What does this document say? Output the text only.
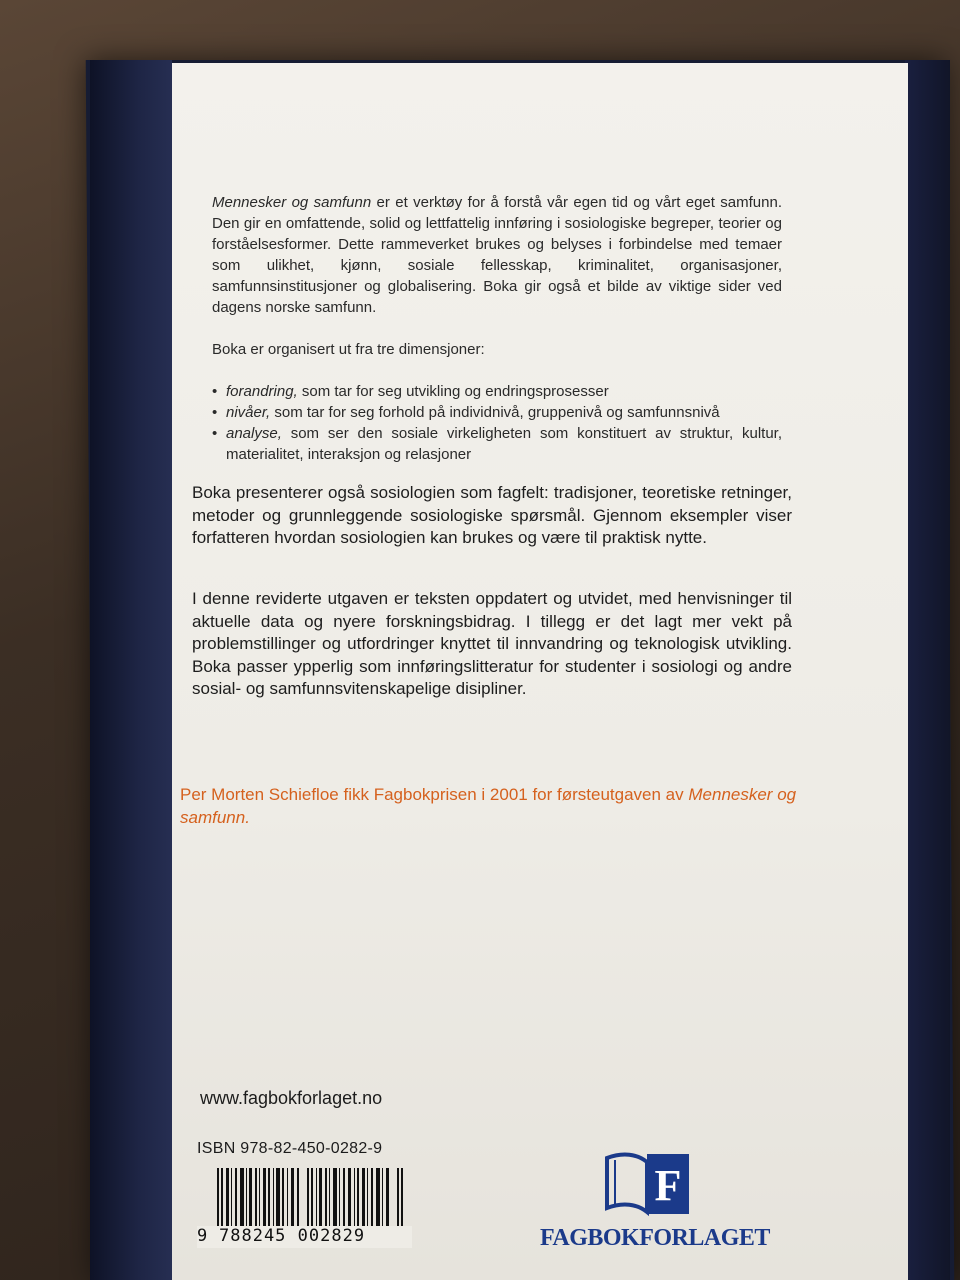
Mennesker og samfunn er et verktøy for å forstå vår egen tid og vårt eget samfunn. Den gir en omfattende, solid og lettfattelig innføring i sosiologiske begreper, teorier og forståelsesformer. Dette rammeverket brukes og belyses i forbindelse med temaer som ulikhet, kjønn, sosiale fellesskap, kriminalitet, organisasjoner, samfunnsinstitusjoner og globalisering. Boka gir også et bilde av viktige sider ved dagens norske samfunn.

Boka er organisert ut fra tre dimensjoner:

• forandring, som tar for seg utvikling og endringsprosesser
• nivåer, som tar for seg forhold på individnivå, gruppenivå og samfunnsnivå
• analyse, som ser den sosiale virkeligheten som konstituert av struktur, kultur, materialitet, interaksjon og relasjoner

Boka presenterer også sosiologien som fagfelt: tradisjoner, teoretiske retninger, metoder og grunnleggende sosiologiske spørsmål. Gjennom eksempler viser forfatteren hvordan sosiologien kan brukes og være til praktisk nytte.

I denne reviderte utgaven er teksten oppdatert og utvidet, med henvisninger til aktuelle data og nyere forskningsbidrag. I tillegg er det lagt mer vekt på problemstillinger og utfordringer knyttet til innvandring og teknologisk utvikling. Boka passer ypperlig som innføringslitteratur for studenter i sosiologi og andre sosial- og samfunnsvitenskapelige disipliner.

Per Morten Schiefloe fikk Fagbokprisen i 2001 for førsteutgaven av Mennesker og samfunn.
www.fagbokforlaget.no
ISBN 978-82-450-0282-9
9 788245 002829
F
FAGBOKFORLAGET
